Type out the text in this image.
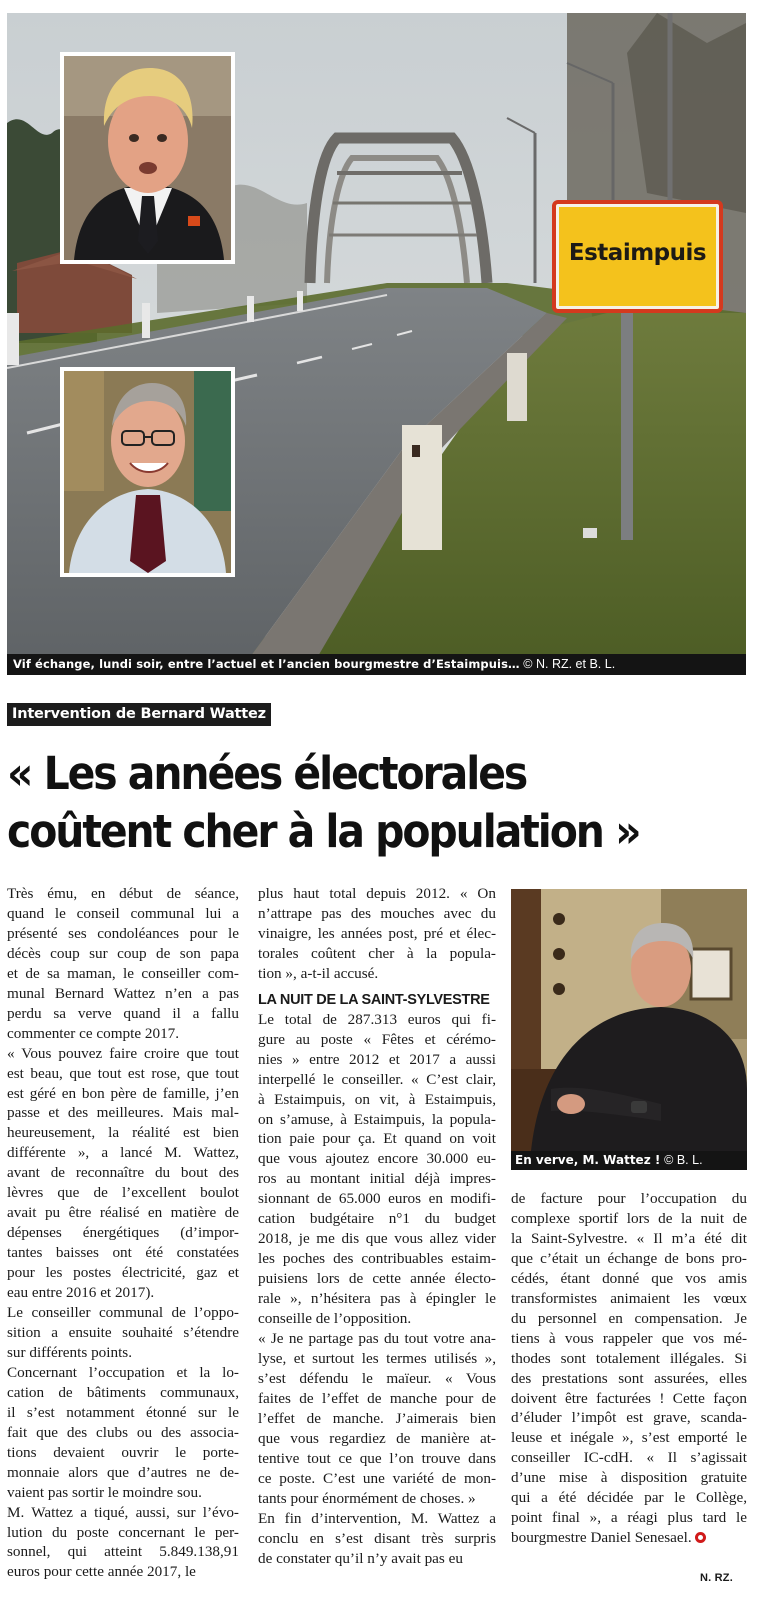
Estaimpuis
Vif échange, lundi soir, entre l’actuel et l’ancien bourgmestre d’Estaimpuis… © N. RZ. et B. L.
Intervention de Bernard Wattez
« Les années électorales
coûtent cher à la population »
Très ému, en début de séance,
quand le conseil communal lui a
présenté ses condoléances pour le
décès coup sur coup de son papa
et de sa maman, le conseiller com-
munal Bernard Wattez n’en a pas
perdu sa verve quand il a fallu
commenter ce compte 2017.
« Vous pouvez faire croire que tout
est beau, que tout est rose, que tout
est géré en bon père de famille, j’en
passe et des meilleures. Mais mal-
heureusement, la réalité est bien
différente », a lancé M. Wattez,
avant de reconnaître du bout des
lèvres que de l’excellent boulot
avait pu être réalisé en matière de
dépenses énergétiques (d’impor-
tantes baisses ont été constatées
pour les postes électricité, gaz et
eau entre 2016 et 2017).
Le conseiller communal de l’oppo-
sition a ensuite souhaité s’étendre
sur différents points.
Concernant l’occupation et la lo-
cation de bâtiments communaux,
il s’est notamment étonné sur le
fait que des clubs ou des associa-
tions devaient ouvrir le porte-
monnaie alors que d’autres ne de-
vaient pas sortir le moindre sou.
M. Wattez a tiqué, aussi, sur l’évo-
lution du poste concernant le per-
sonnel, qui atteint 5.849.138,91
euros pour cette année 2017, le
plus haut total depuis 2012. « On
n’attrape pas des mouches avec du
vinaigre, les années post, pré et élec-
torales coûtent cher à la popula-
tion », a-t-il accusé.
LA NUIT DE LA SAINT-SYLVESTRE
Le total de 287.313 euros qui fi-
gure au poste « Fêtes et cérémo-
nies » entre 2012 et 2017 a aussi
interpellé le conseiller. « C’est clair,
à Estaimpuis, on vit, à Estaimpuis,
on s’amuse, à Estaimpuis, la popula-
tion paie pour ça. Et quand on voit
que vous ajoutez encore 30.000 eu-
ros au montant initial déjà impres-
sionnant de 65.000 euros en modifi-
cation budgétaire n°1 du budget
2018, je me dis que vous allez vider
les poches des contribuables estaim-
puisiens lors de cette année électo-
rale », n’hésitera pas à épingler le
conseille de l’opposition.
« Je ne partage pas du tout votre ana-
lyse, et surtout les termes utilisés »,
s’est défendu le maïeur. « Vous
faites de l’effet de manche pour de
l’effet de manche. J’aimerais bien
que vous regardiez de manière at-
tentive tout ce que l’on trouve dans
ce poste. C’est une variété de mon-
tants pour énormément de choses. »
En fin d’intervention, M. Wattez a
conclu en s’est disant très surpris
de constater qu’il n’y avait pas eu
En verve, M. Wattez ! © B. L.
de facture pour l’occupation du
complexe sportif lors de la nuit de
la Saint-Sylvestre. « Il m’a été dit
que c’était un échange de bons pro-
cédés, étant donné que vos amis
transformistes animaient les vœux
du personnel en compensation. Je
tiens à vous rappeler que vos mé-
thodes sont totalement illégales. Si
des prestations sont assurées, elles
doivent être facturées ! Cette façon
d’éluder l’impôt est grave, scanda-
leuse et inégale », s’est emporté le
conseiller IC-cdH. « Il s’agissait
d’une mise à disposition gratuite
qui a été décidée par le Collège,
point final », a réagi plus tard le
bourgmestre Daniel Senesael.
N. RZ.
